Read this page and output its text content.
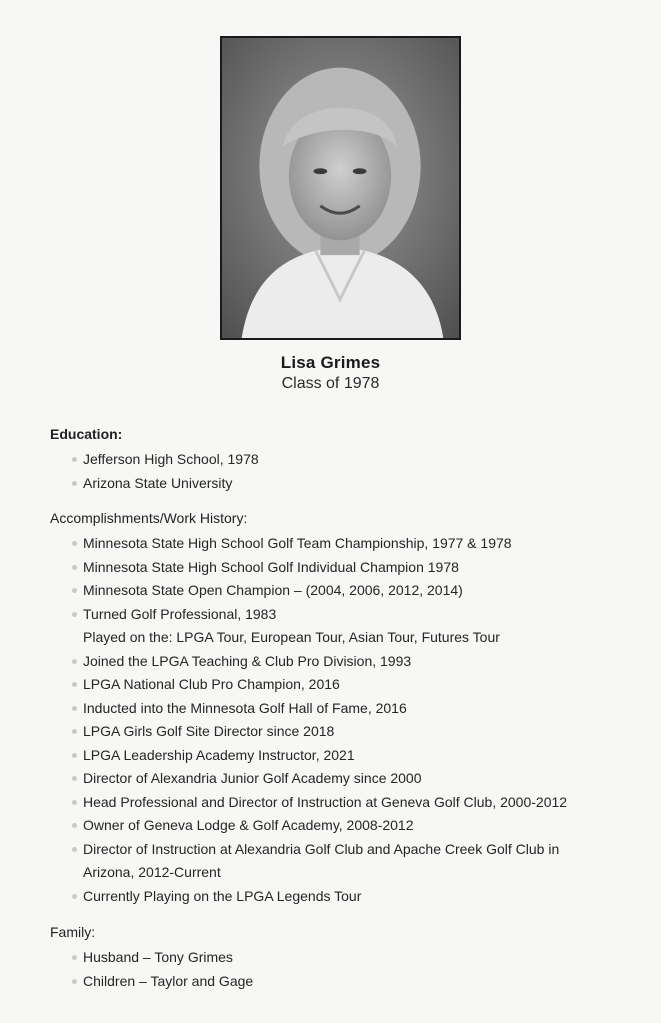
Lisa Grimes
Class of 1978
Education:
Jefferson High School, 1978
Arizona State University
Accomplishments/Work History:
Minnesota State High School Golf Team Championship, 1977 & 1978
Minnesota State High School Golf Individual Champion 1978
Minnesota State Open Champion – (2004, 2006, 2012, 2014)
Turned Golf Professional, 1983
Played on the: LPGA Tour, European Tour, Asian Tour, Futures Tour
Joined the LPGA Teaching & Club Pro Division, 1993
LPGA National Club Pro Champion, 2016
Inducted into the Minnesota Golf Hall of Fame, 2016
LPGA Girls Golf Site Director since 2018
LPGA Leadership Academy Instructor, 2021
Director of Alexandria Junior Golf Academy since 2000
Head Professional and Director of Instruction at Geneva Golf Club, 2000-2012
Owner of Geneva Lodge & Golf Academy, 2008-2012
Director of Instruction at Alexandria Golf Club and Apache Creek Golf Club in
Arizona, 2012-Current
Currently Playing on the LPGA Legends Tour
Family:
Husband – Tony Grimes
Children – Taylor and Gage
